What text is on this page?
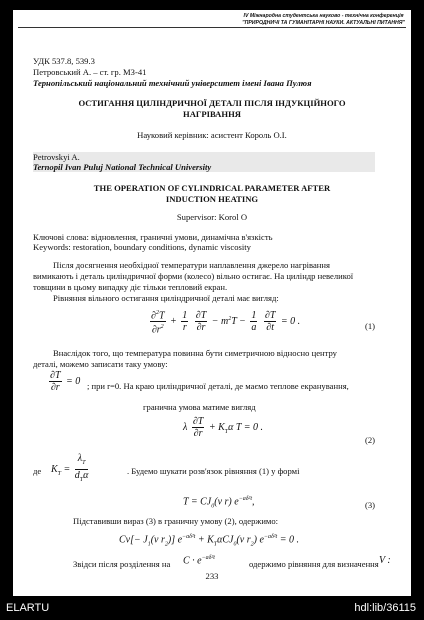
IV Міжнародна студентська науково - технічна конференція
"ПРИРОДНИЧІ ТА ГУМАНІТАРНІ НАУКИ. АКТУАЛЬНІ ПИТАННЯ"
УДК 537.8, 539.3
Петровський А. – ст. гр. МЗ-41
Тернопільський національний технічний університет імені Івана Пулюя
ОСТИГАННЯ ЦИЛІНДРИЧНОЇ ДЕТАЛІ ПІСЛЯ ІНДУКЦІЙНОГО
НАГРІВАННЯ
Науковий керівник: асистент Король О.І.
Petrovskyi A.
Ternopil Ivan Puluj National Technical University
THE OPERATION OF CYLINDRICAL PARAMETER AFTER
INDUCTION HEATING
Supervisor: Korol O
Ключові слова: відновлення, граничні умови, динамічна в'язкість
Keywords: restoration, boundary conditions, dynamic viscosity
Після досягнення необхідної температури наплавлення джерело нагрівання
вимикають і деталь циліндричної форми (колесо) вільно остигає. На циліндр невеликої
товщини в цьому випадку діє тільки тепловий екран.
Рівняння вільного остигання циліндричної деталі має вигляд:
$\frac{\partial^2T}{\partial r^2} + \frac{1}{r}$
$\frac{\partial T}{\partial r} - m^2T - \frac{1}{a}$
$\frac{\partial T}{\partial t} = 0$ .	(1)
Внаслідок того, що температура повинна бути симетричною відносно центру
деталі, можемо записати таку умову:
$\frac{\partial T}{\partial r} = 0$ ; при r=0. На краю циліндричної деталі, де маємо теплове екранування,
гранична умова матиме вигляд
λ $\frac{\partial T}{\partial r} + K_T\alpha$ T = 0 .
(2)
де $K_T = \frac{\lambda_T}{d_T\alpha}$	. Будемо шукати розв'язок рівняння (1) у формі
$T = CJ_0(\nu$ r) $e^{-a\delta^2t}$,	(3)
Підставивши вираз (3) в граничну умову (2), одержимо:
$C\nu[- J_1(\nu$ $r_2$)] $e^{-a\delta^2t} + K_T\alpha CJ_0(\nu$ $r_2$) $e^{-a\delta^2t} = 0$ .
Звідси після розділення на	$C \cdot e^{-a\delta^2t}$
одержимо рівняння для визначення V :
233
ELARTU	hdl:lib/36115
